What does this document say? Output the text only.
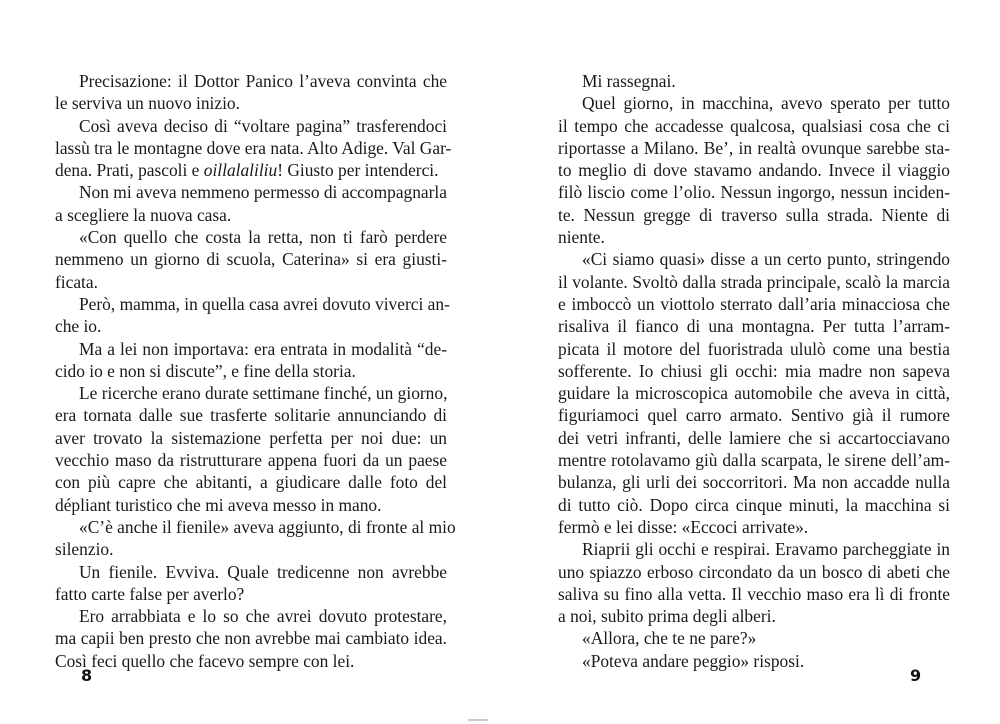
Precisazione: il Dottor Panico l’aveva convinta che
le serviva un nuovo inizio.
Così aveva deciso di “voltare pagina” trasferendoci
lassù tra le montagne dove era nata. Alto Adige. Val Gar-
dena. Prati, pascoli e oillalaliliu! Giusto per intenderci.
Non mi aveva nemmeno permesso di accompagnarla
a scegliere la nuova casa.
«Con quello che costa la retta, non ti farò perdere
nemmeno un giorno di scuola, Caterina» si era giusti-
ficata.
Però, mamma, in quella casa avrei dovuto viverci an-
che io.
Ma a lei non importava: era entrata in modalità “de-
cido io e non si discute”, e fine della storia.
Le ricerche erano durate settimane finché, un giorno,
era tornata dalle sue trasferte solitarie annunciando di
aver trovato la sistemazione perfetta per noi due: un
vecchio maso da ristrutturare appena fuori da un paese
con più capre che abitanti, a giudicare dalle foto del
dépliant turistico che mi aveva messo in mano.
«C’è anche il fienile» aveva aggiunto, di fronte al mio
silenzio.
Un fienile. Evviva. Quale tredicenne non avrebbe
fatto carte false per averlo?
Ero arrabbiata e lo so che avrei dovuto protestare,
ma capii ben presto che non avrebbe mai cambiato idea.
Così feci quello che facevo sempre con lei.
8
Mi rassegnai.
Quel giorno, in macchina, avevo sperato per tutto
il tempo che accadesse qualcosa, qualsiasi cosa che ci
riportasse a Milano. Be’, in realtà ovunque sarebbe sta-
to meglio di dove stavamo andando. Invece il viaggio
filò liscio come l’olio. Nessun ingorgo, nessun inciden-
te. Nessun gregge di traverso sulla strada. Niente di
niente.
«Ci siamo quasi» disse a un certo punto, stringendo
il volante. Svoltò dalla strada principale, scalò la marcia
e imboccò un viottolo sterrato dall’aria minacciosa che
risaliva il fianco di una montagna. Per tutta l’arram-
picata il motore del fuoristrada ululò come una bestia
sofferente. Io chiusi gli occhi: mia madre non sapeva
guidare la microscopica automobile che aveva in città,
figuriamoci quel carro armato. Sentivo già il rumore
dei vetri infranti, delle lamiere che si accartocciavano
mentre rotolavamo giù dalla scarpata, le sirene dell’am-
bulanza, gli urli dei soccorritori. Ma non accadde nulla
di tutto ciò. Dopo circa cinque minuti, la macchina si
fermò e lei disse: «Eccoci arrivate».
Riaprii gli occhi e respirai. Eravamo parcheggiate in
uno spiazzo erboso circondato da un bosco di abeti che
saliva su fino alla vetta. Il vecchio maso era lì di fronte
a noi, subito prima degli alberi.
«Allora, che te ne pare?»
«Poteva andare peggio» risposi.
9
